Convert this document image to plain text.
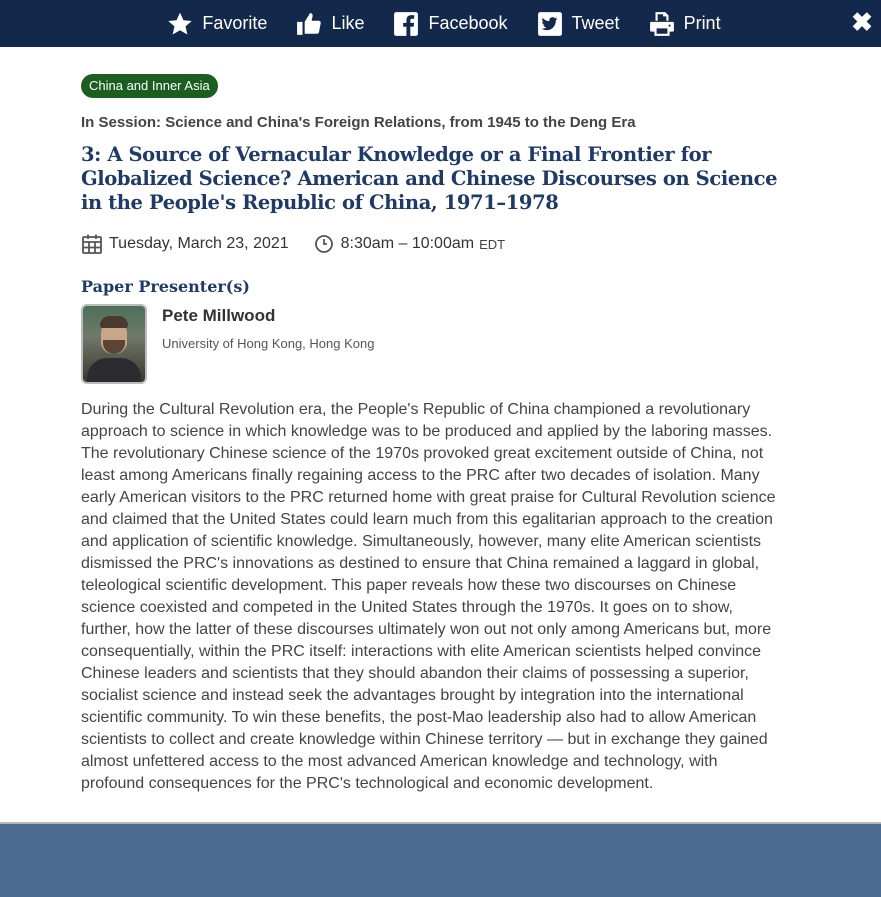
Favorite	Like	Facebook	Tweet	Print	✖
China and Inner Asia
In Session: Science and China's Foreign Relations, from 1945 to the Deng Era
3: A Source of Vernacular Knowledge or a Final Frontier for Globalized Science? American and Chinese Discourses on Science in the People's Republic of China, 1971–1978
Tuesday, March 23, 2021	8:30am – 10:00am EDT
Paper Presenter(s)
Pete Millwood
University of Hong Kong, Hong Kong
During the Cultural Revolution era, the People's Republic of China championed a revolutionary approach to science in which knowledge was to be produced and applied by the laboring masses. The revolutionary Chinese science of the 1970s provoked great excitement outside of China, not least among Americans finally regaining access to the PRC after two decades of isolation. Many early American visitors to the PRC returned home with great praise for Cultural Revolution science and claimed that the United States could learn much from this egalitarian approach to the creation and application of scientific knowledge. Simultaneously, however, many elite American scientists dismissed the PRC's innovations as destined to ensure that China remained a laggard in global, teleological scientific development. This paper reveals how these two discourses on Chinese science coexisted and competed in the United States through the 1970s. It goes on to show, further, how the latter of these discourses ultimately won out not only among Americans but, more consequentially, within the PRC itself: interactions with elite American scientists helped convince Chinese leaders and scientists that they should abandon their claims of possessing a superior, socialist science and instead seek the advantages brought by integration into the international scientific community. To win these benefits, the post-Mao leadership also had to allow American scientists to collect and create knowledge within Chinese territory — but in exchange they gained almost unfettered access to the most advanced American knowledge and technology, with profound consequences for the PRC's technological and economic development.
